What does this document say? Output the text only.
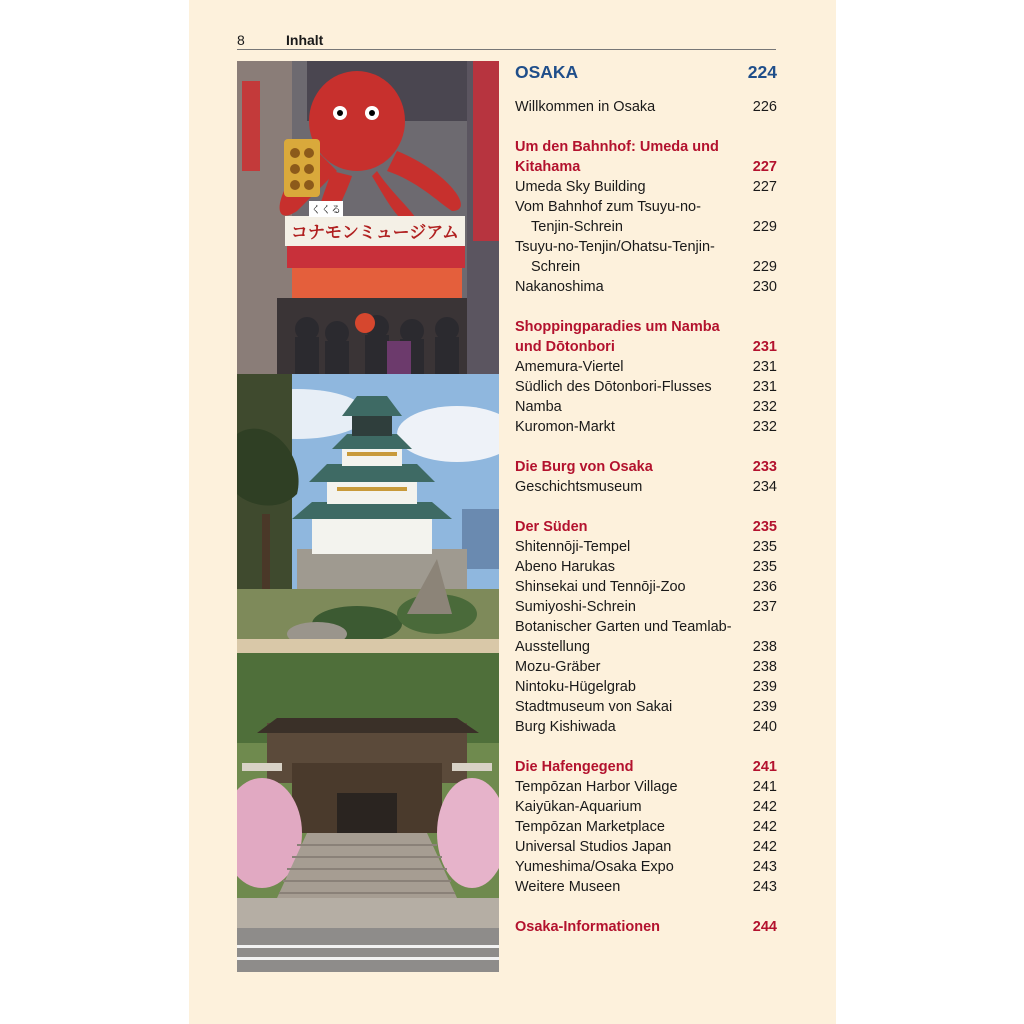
8	Inhalt
コナモンミュージアム
くくる
OSAKA	224
Willkommen in Osaka	226
Um den Bahnhof: Umeda und Kitahama	227
Umeda Sky Building	227
Vom Bahnhof zum Tsuyu-no-Tenjin-Schrein	229
Tsuyu-no-Tenjin/Ohatsu-Tenjin-Schrein	229
Nakanoshima	230
Shoppingparadies um Namba und Dōtonbori	231
Amemura-Viertel	231
Südlich des Dōtonbori-Flusses	231
Namba	232
Kuromon-Markt	232
Die Burg von Osaka	233
Geschichtsmuseum	234
Der Süden	235
Shitennōji-Tempel	235
Abeno Harukas	235
Shinsekai und Tennōji-Zoo	236
Sumiyoshi-Schrein	237
Botanischer Garten und Teamlab-Ausstellung	238
Mozu-Gräber	238
Nintoku-Hügelgrab	239
Stadtmuseum von Sakai	239
Burg Kishiwada	240
Die Hafengegend	241
Tempōzan Harbor Village	241
Kaiyūkan-Aquarium	242
Tempōzan Marketplace	242
Universal Studios Japan	242
Yumeshima/Osaka Expo	243
Weitere Museen	243
Osaka-Informationen	244
